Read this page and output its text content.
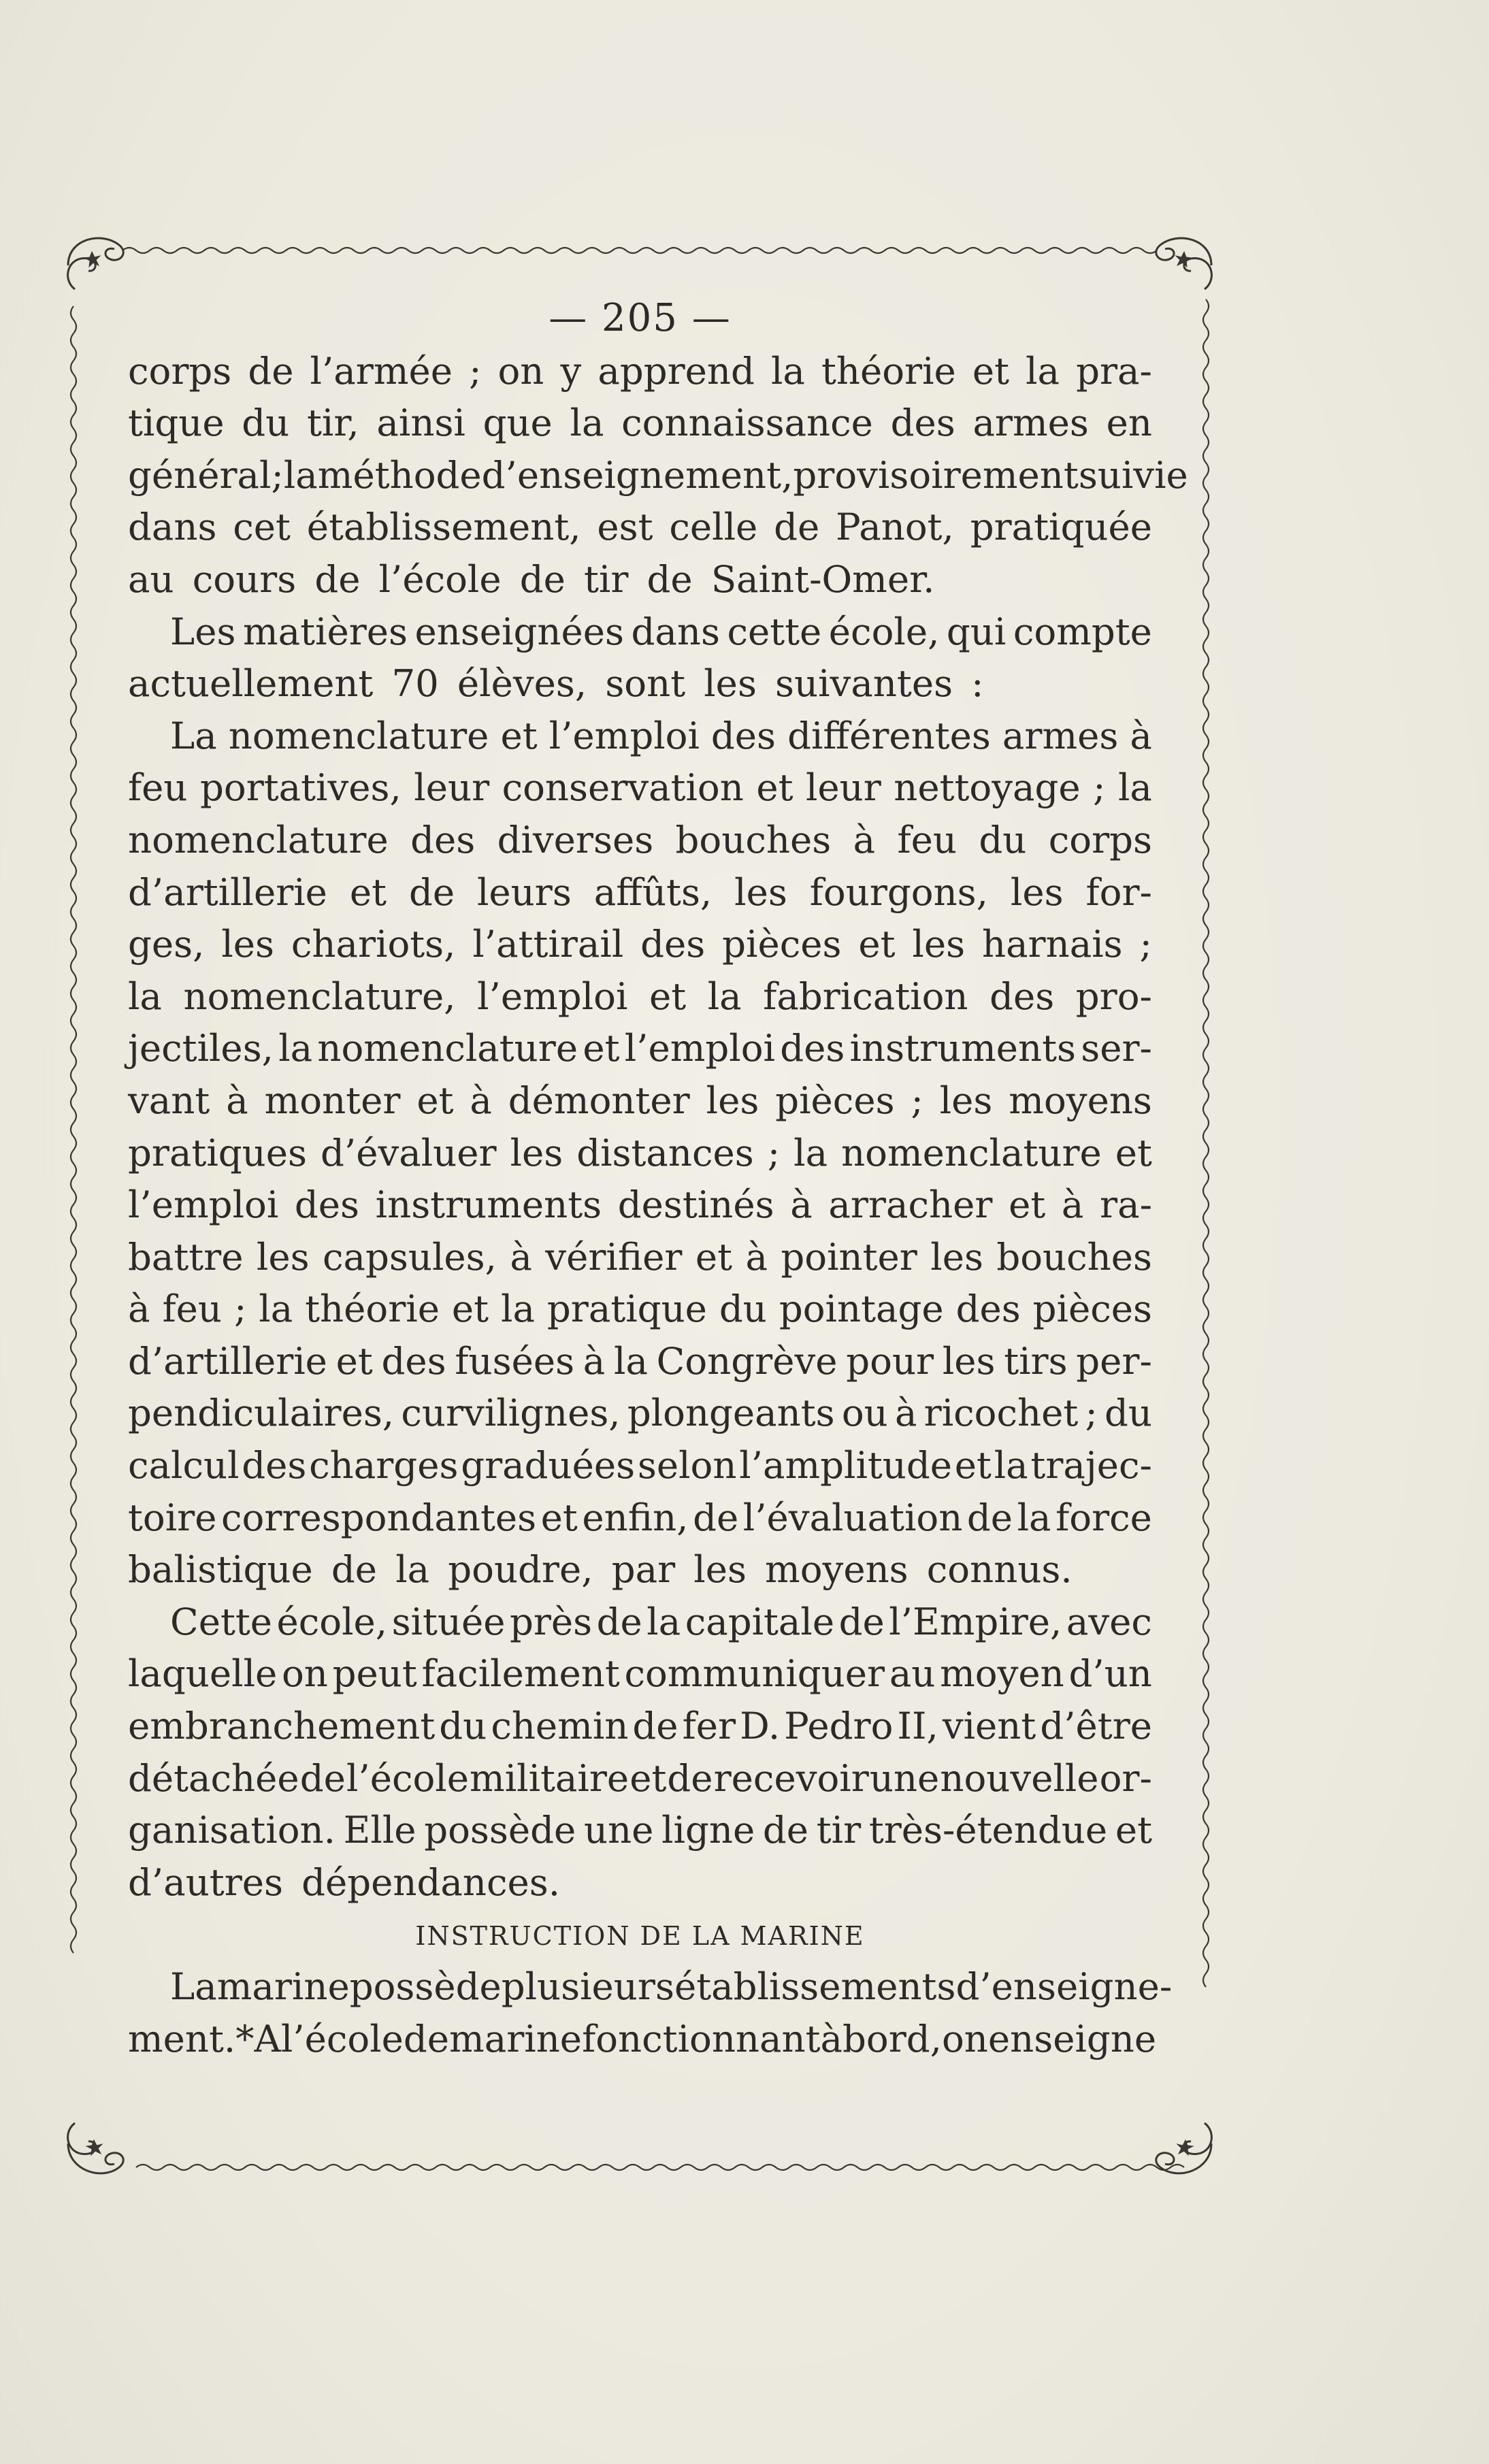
— 205 —
corps de l’armée ; on y apprend la théorie et la pra-
tique du tir, ainsi que la connaissance des armes en
général; la méthode d’enseignement, provisoirement suivie
dans cet établissement, est celle de Panot, pratiquée
au cours de l’école de tir de Saint-Omer.
Les matières enseignées dans cette école, qui compte
actuellement 70 élèves, sont les suivantes :
La nomenclature et l’emploi des différentes armes à
feu portatives, leur conservation et leur nettoyage ; la
nomenclature des diverses bouches à feu du corps
d’artillerie et de leurs affûts, les fourgons, les for-
ges, les chariots, l’attirail des pièces et les harnais ;
la nomenclature, l’emploi et la fabrication des pro-
jectiles, la nomenclature et l’emploi des instruments ser-
vant à monter et à démonter les pièces ; les moyens
pratiques d’évaluer les distances ; la nomenclature et
l’emploi des instruments destinés à arracher et à ra-
battre les capsules, à vérifier et à pointer les bouches
à feu ; la théorie et la pratique du pointage des pièces
d’artillerie et des fusées à la Congrève pour les tirs per-
pendiculaires, curvilignes, plongeants ou à ricochet ; du
calcul des charges graduées selon l’amplitude et la trajec-
toire correspondantes et enfin, de l’évaluation de la force
balistique de la poudre, par les moyens connus.
Cette école, située près de la capitale de l’Empire, avec
laquelle on peut facilement communiquer au moyen d’un
embranchement du chemin de fer D. Pedro II, vient d’être
détachée de l’école militaire et de recevoir une nouvelle or-
ganisation. Elle possède une ligne de tir très-étendue et
d’autres dépendances.
INSTRUCTION DE LA MARINE
La marine possède plusieurs établissements d’enseigne-
ment.* A l’école de marine fonctionnant à bord, on enseigne
